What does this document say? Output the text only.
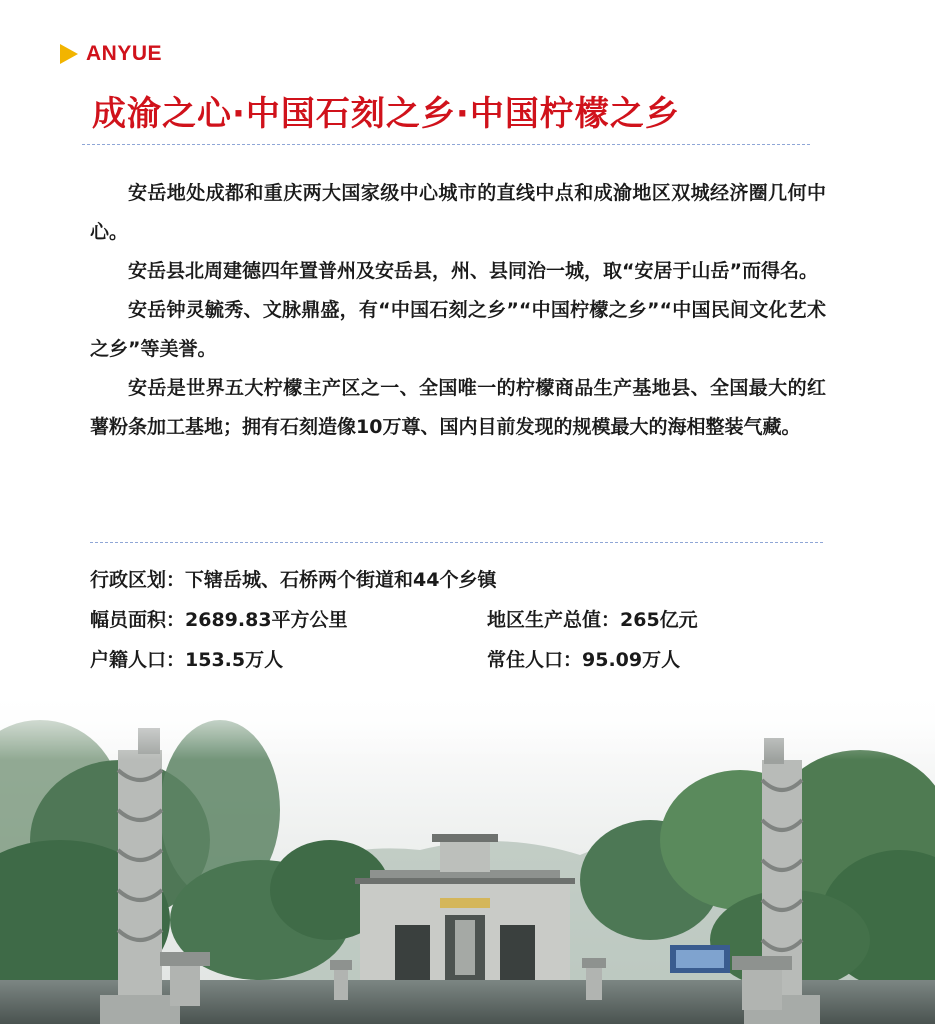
ANYUE
成渝之心·中国石刻之乡·中国柠檬之乡

安岳地处成都和重庆两大国家级中心城市的直线中点和成渝地区双城经济圈几何中心。

安岳县北周建德四年置普州及安岳县，州、县同治一城，取“安居于山岳”而得名。

安岳钟灵毓秀、文脉鼎盛，有“中国石刻之乡”“中国柠檬之乡”“中国民间文化艺术之乡”等美誉。

安岳是世界五大柠檬主产区之一、全国唯一的柠檬商品生产基地县、全国最大的红薯粉条加工基地；拥有石刻造像10万尊、国内目前发现的规模最大的海相整装气藏。

行政区划：下辖岳城、石桥两个街道和44个乡镇
幅员面积：2689.83平方公里	地区生产总值：265亿元
户籍人口：153.5万人	常住人口：95.09万人
